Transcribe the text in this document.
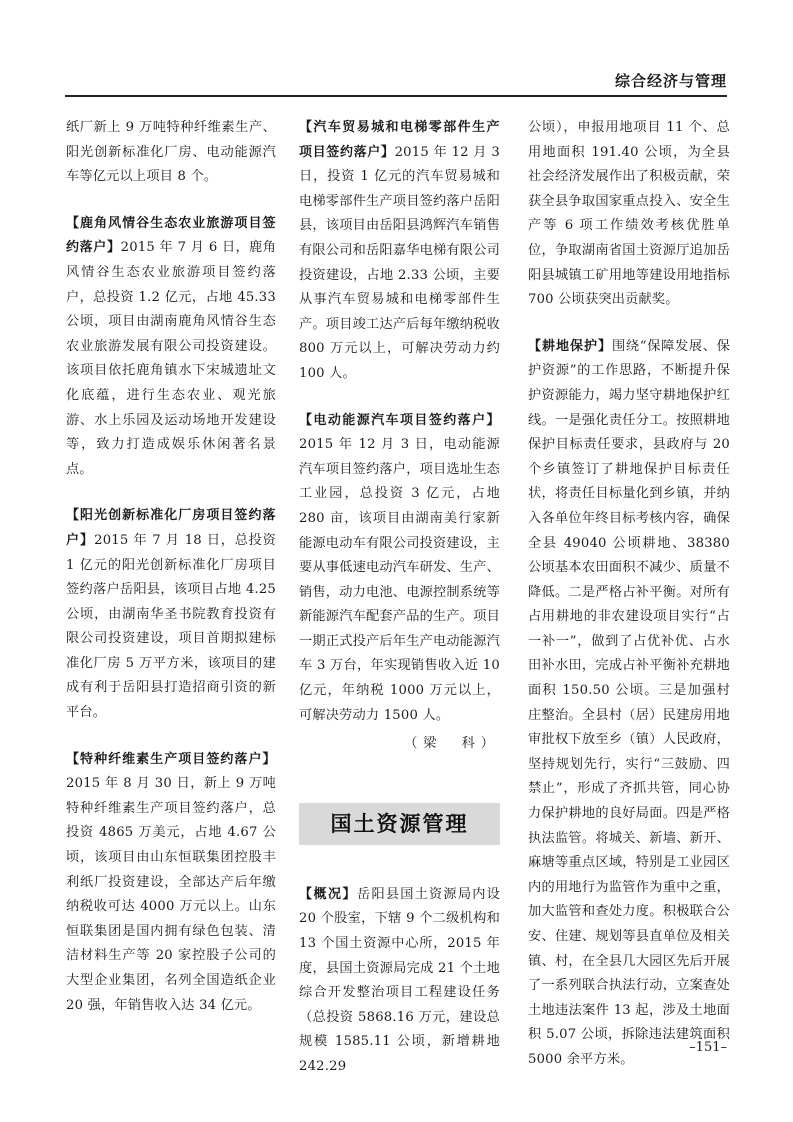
综合经济与管理

纸厂新上 9 万吨特种纤维素生产、阳光创新标准化厂房、电动能源汽车等亿元以上项目 8 个。

【鹿角风情谷生态农业旅游项目签约落户】2015 年 7 月 6 日，鹿角风情谷生态农业旅游项目签约落户，总投资 1.2 亿元，占地 45.33 公顷，项目由湖南鹿角风情谷生态农业旅游发展有限公司投资建设。该项目依托鹿角镇水下宋城遗址文化底蕴，进行生态农业、观光旅游、水上乐园及运动场地开发建设等，致力打造成娱乐休闲著名景点。

【阳光创新标准化厂房项目签约落户】2015 年 7 月 18 日，总投资 1 亿元的阳光创新标准化厂房项目签约落户岳阳县，该项目占地 4.25 公顷，由湖南华圣书院教育投资有限公司投资建设，项目首期拟建标准化厂房 5 万平方米，该项目的建成有利于岳阳县打造招商引资的新平台。

【特种纤维素生产项目签约落户】2015 年 8 月 30 日，新上 9 万吨特种纤维素生产项目签约落户，总投资 4865 万美元，占地 4.67 公顷，该项目由山东恒联集团控股丰利纸厂投资建设，全部达产后年缴纳税收可达 4000 万元以上。山东恒联集团是国内拥有绿色包装、清洁材料生产等 20 家控股子公司的大型企业集团，名列全国造纸企业 20 强，年销售收入达 34 亿元。

【汽车贸易城和电梯零部件生产项目签约落户】2015 年 12 月 3 日，投资 1 亿元的汽车贸易城和电梯零部件生产项目签约落户岳阳县，该项目由岳阳县鸿辉汽车销售有限公司和岳阳嘉华电梯有限公司投资建设，占地 2.33 公顷，主要从事汽车贸易城和电梯零部件生产。项目竣工达产后每年缴纳税收 800 万元以上，可解决劳动力约 100 人。

【电动能源汽车项目签约落户】2015 年 12 月 3 日，电动能源汽车项目签约落户，项目选址生态工业园，总投资 3 亿元，占地 280 亩，该项目由湖南美行家新能源电动车有限公司投资建设，主要从事低速电动汽车研发、生产、销售，动力电池、电源控制系统等新能源汽车配套产品的生产。项目一期正式投产后年生产电动能源汽车 3 万台，年实现销售收入近 10 亿元，年纳税 1000 万元以上，可解决劳动力 1500 人。

（梁　科）

国土资源管理

【概况】岳阳县国土资源局内设 20 个股室，下辖 9 个二级机构和 13 个国土资源中心所，2015 年度，县国土资源局完成 21 个土地综合开发整治项目工程建设任务（总投资 5868.16 万元，建设总规模 1585.11 公顷，新增耕地 242.29

公顷），申报用地项目 11 个、总用地面积 191.40 公顷，为全县社会经济发展作出了积极贡献，荣获全县争取国家重点投入、安全生产等 6 项工作绩效考核优胜单位，争取湖南省国土资源厅追加岳阳县城镇工矿用地等建设用地指标 700 公顷获突出贡献奖。

【耕地保护】围绕“保障发展、保护资源”的工作思路，不断提升保护资源能力，竭力坚守耕地保护红线。一是强化责任分工。按照耕地保护目标责任要求，县政府与 20 个乡镇签订了耕地保护目标责任状，将责任目标量化到乡镇，并纳入各单位年终目标考核内容，确保全县 49040 公顷耕地、38380 公顷基本农田面积不减少、质量不降低。二是严格占补平衡。对所有占用耕地的非农建设项目实行“占一补一”，做到了占优补优、占水田补水田，完成占补平衡补充耕地面积 150.50 公顷。三是加强村庄整治。全县村（居）民建房用地审批权下放至乡（镇）人民政府，坚持规划先行，实行“三鼓励、四禁止”，形成了齐抓共管，同心协力保护耕地的良好局面。四是严格执法监管。将城关、新墙、新开、麻塘等重点区域，特别是工业园区内的用地行为监管作为重中之重，加大监管和查处力度。积极联合公安、住建、规划等县直单位及相关镇、村，在全县几大园区先后开展了一系列联合执法行动，立案查处土地违法案件 13 起，涉及土地面积 5.07 公顷，拆除违法建筑面积 5000 余平方米。

–151–
